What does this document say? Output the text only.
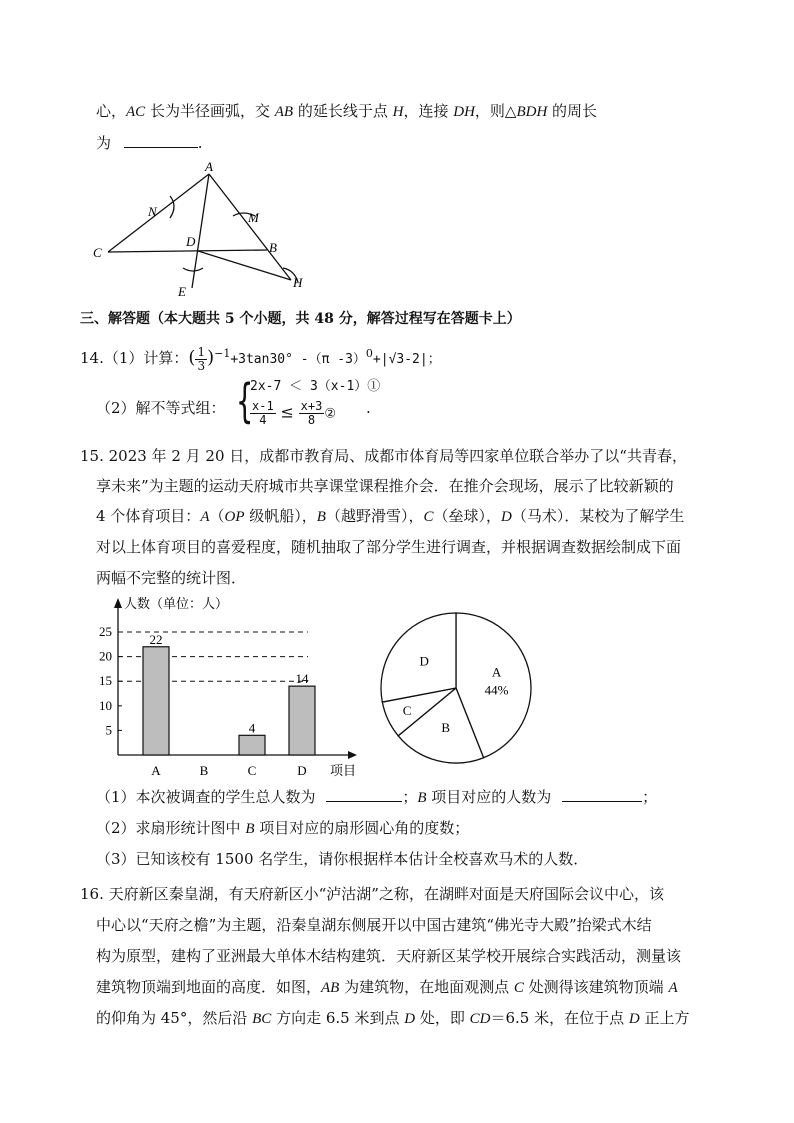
心，AC 长为半径画弧，交 AB 的延长线于点 H，连接 DH，则△BDH 的周长
为	.
A
N	M
C
D	B
E
H
三、解答题（本大题共 5 个小题，共 48 分，解答过程写在答题卡上）
14.（1）计算：( $\frac{1}{3} )^{-1}+3\tan 30^\circ$ -（π -3）$^0$+|√3-2|；
（2）解不等式组： {
2x-7 ＜ 3（x-1）①
$\frac{x-1}{4} \le \frac{x+3}{8}$ ② .
15. 2023 年 2 月 20 日，成都市教育局、成都市体育局等四家单位联合举办了以“共青春，
享未来”为主题的运动天府城市共享课堂课程推介会．在推介会现场，展示了比较新颖的
4 个体育项目：A（OP 级帆船），B（越野滑雪），C（垒球），D（马术）．某校为了解学生
对以上体育项目的喜爱程度，随机抽取了部分学生进行调查，并根据调查数据绘制成下面
两幅不完整的统计图．
人数（单位：人）
项目
5
10
15
20
25
22
A	B
4
C
14
D
A
44%
B
C
D
（1）本次被调查的学生总人数为	；B 项目对应的人数为	；
（2）求扇形统计图中 B 项目对应的扇形圆心角的度数；
（3）已知该校有 1500 名学生，请你根据样本估计全校喜欢马术的人数．
16. 天府新区秦皇湖，有天府新区小“泸沽湖”之称，在湖畔对面是天府国际会议中心，该
中心以“天府之檐”为主题，沿秦皇湖东侧展开以中国古建筑“佛光寺大殿”抬梁式木结
构为原型，建构了亚洲最大单体木结构建筑．天府新区某学校开展综合实践活动，测量该
建筑物顶端到地面的高度．如图，AB 为建筑物，在地面观测点 C 处测得该建筑物顶端 A
的仰角为 45°，然后沿 BC 方向走 6.5 米到点 D 处，即 CD＝6.5 米，在位于点 D 正上方
